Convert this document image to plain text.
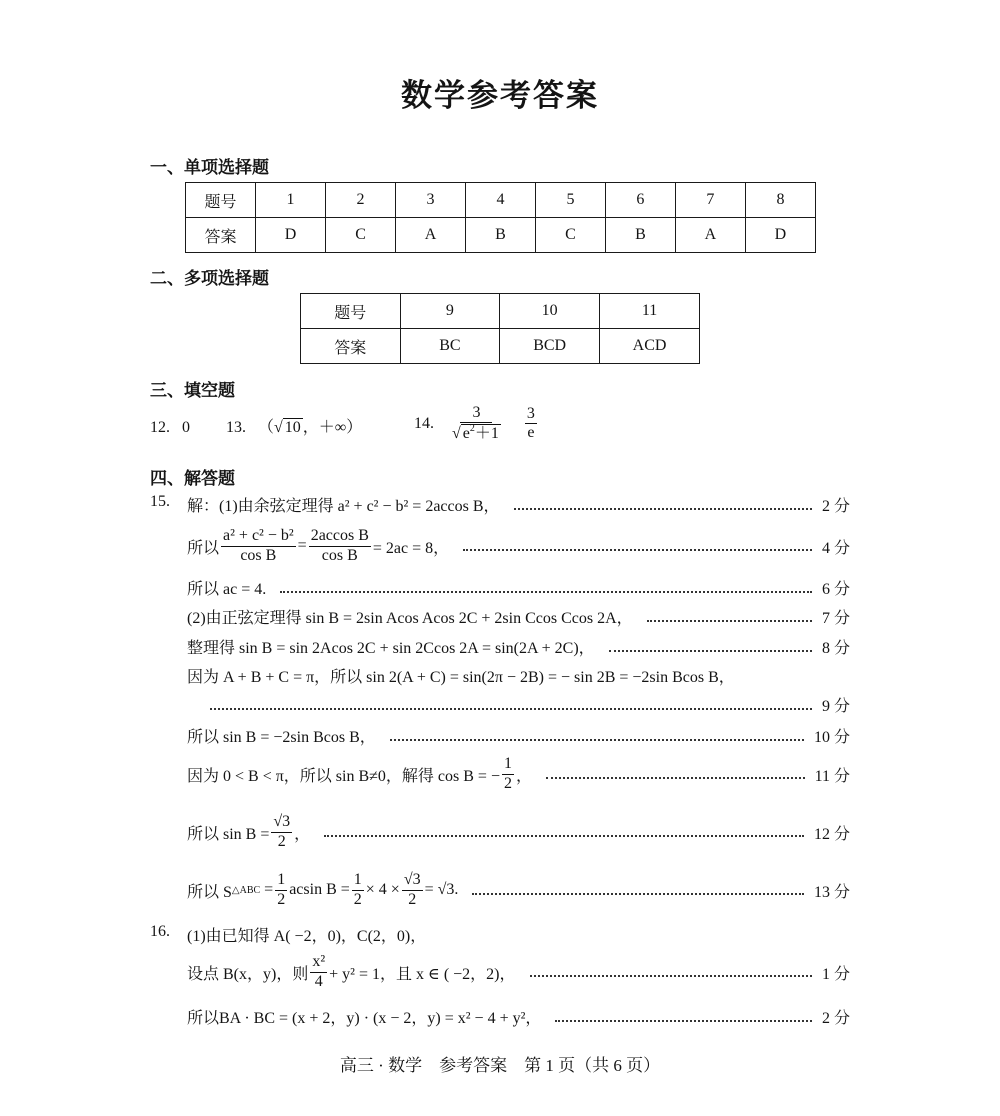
数学参考答案
一、单项选择题
题号	1	2	3	4	5	6	7	8
答案	D	C	A	B	C	B	A	D
二、多项选择题
题号	9	10	11
答案	BC	BCD	ACD
三、填空题
12. 0 13. （√ 10 ，＋∞）	14. $\frac{3}{√ e^2+1} \frac{3}{e}$
四、解答题
15. 解：(1)由余弦定理得 a² + c² − b² = 2accos B，	2 分
所以 $\frac{\text{a² + c² − b²}}{\text{cos B}} = \frac{\text{2accos B}}{\text{cos B}} = 2ac = 8$，	4 分
所以 ac = 4.	6 分
(2)由正弦定理得 sin B = 2sin Acos Acos 2C + 2sin Ccos Ccos 2A，	7 分
整理得 sin B = sin 2Acos 2C + sin 2Ccos 2A = sin(2A + 2C)，	8 分
因为 A + B + C = π，所以 sin 2(A + C) = sin(2π − 2B) = − sin 2B = −2sin Bcos B，
9 分
所以 sin B = −2sin Bcos B，	10 分
因为 0 < B < π，所以 sin B≠0，解得 cos B = − $\frac{1}{2}$ ，	11 分
所以 $\sin B = \frac{√3}{2}$ ，	12 分
所以 S △ABC = $\frac{1}{2}$ acsin $B = \frac{1}{2} \times 4 \times \frac{√3}{2} = √3$.	13 分
16. (1)由已知得 A( −2，0)，C(2，0)，
设点 B(x，y)，则 $\frac{\text{x²}}{4} + y^2 = 1$，且 x ∈ ( −2，2)，	1 分
所以BA · BC = (x + 2，y) · (x − 2，y) = x² − 4 + y²，	2 分
高三 · 数学　参考答案　第 1 页（共 6 页）
